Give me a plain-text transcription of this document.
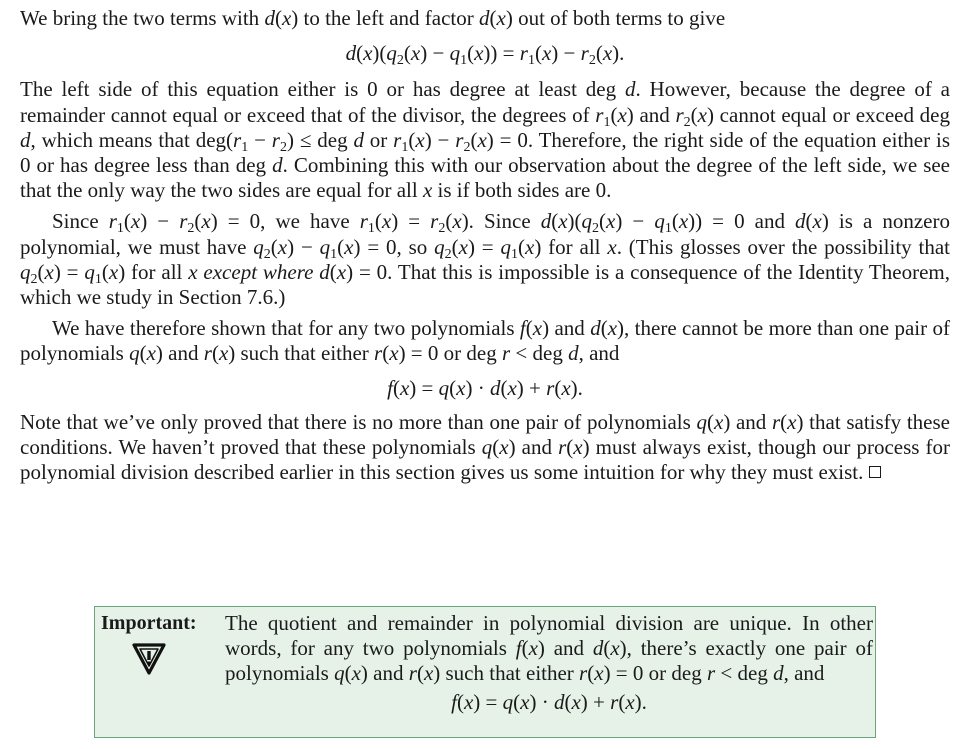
We bring the two terms with d(x) to the left and factor d(x) out of both terms to give

$d(x)(q_2(x) - q_1(x)) = r_1(x) - r_2(x)$.

The left side of this equation either is 0 or has degree at least deg d. However, because the degree of a remainder cannot equal or exceed that of the divisor, the degrees of $r_1(x)$ and $r_2(x)$ cannot equal or exceed deg d, which means that $deg(r_1 - r_2)$ ≤ deg d or $r_1(x) - r_2(x) = 0$. Therefore, the right side of the equation either is 0 or has degree less than deg d. Combining this with our observation about the degree of the left side, we see that the only way the two sides are equal for all x is if both sides are 0.

Since $r_1(x) - r_2(x) = 0$, we have $r_1(x) = r_2(x)$. Since $d(x)(q_2(x) - q_1(x)) = 0$ and d(x) is a nonzero polynomial, we must have $q_2(x) - q_1(x) = 0$, so $q_2(x) = q_1(x)$ for all x. (This glosses over the possibility that $q_2(x) = q_1(x)$ for all x except where d(x) = 0. That this is impossible is a consequence of the Identity Theorem, which we study in Section 7.6.)

We have therefore shown that for any two polynomials f(x) and d(x), there cannot be more than one pair of polynomials q(x) and r(x) such that either r(x) = 0 or deg r < deg d, and

f(x) = q(x) · d(x) + r(x).

Note that we’ve only proved that there is no more than one pair of polynomials q(x) and r(x) that satisfy these conditions. We haven’t proved that these polynomials q(x) and r(x) must always exist, though our process for polynomial division described earlier in this section gives us some intuition for why they must exist.

Important: The quotient and remainder in polynomial division are unique. In other words, for any two polynomials f(x) and d(x), there’s exactly one pair of polynomials q(x) and r(x) such that either r(x) = 0 or deg r < deg d, and

f(x) = q(x) · d(x) + r(x).
